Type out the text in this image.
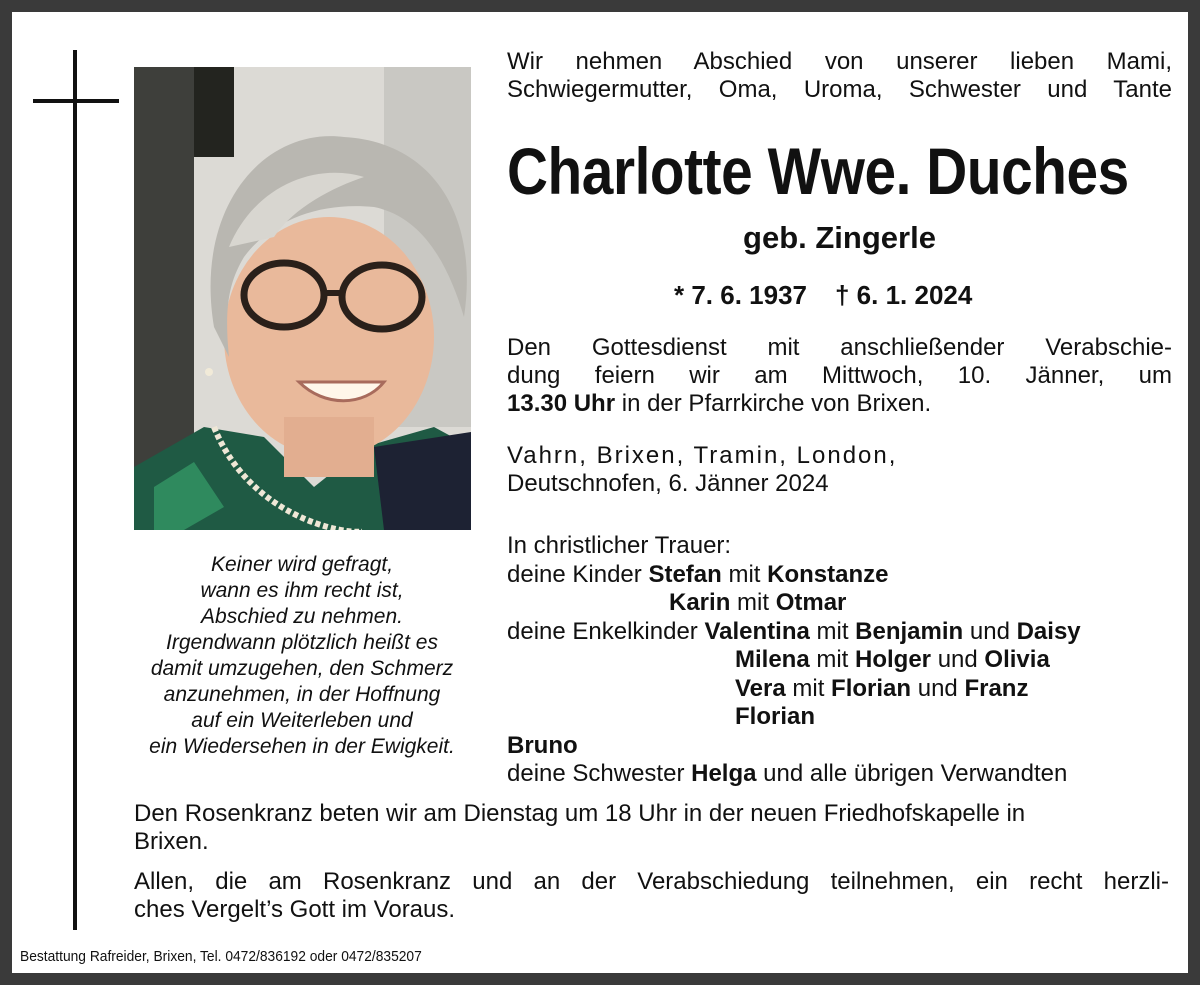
Keiner wird gefragt,
wann es ihm recht ist,
Abschied zu nehmen.
Irgendwann plötzlich heißt es
damit umzugehen, den Schmerz
anzunehmen, in der Hoffnung
auf ein Weiterleben und
ein Wiedersehen in der Ewigkeit.
Wir nehmen Abschied von unserer lieben Mami,
Schwiegermutter, Oma, Uroma, Schwester und Tante
Charlotte Wwe. Duches
geb. Zingerle
* 7. 6. 1937 † 6. 1. 2024
Den Gottesdienst mit anschließender Verabschie-
dung feiern wir am Mittwoch, 10. Jänner, um
13.30 Uhr in der Pfarrkirche von Brixen.
Vahrn, Brixen, Tramin, London,
Deutschnofen, 6. Jänner 2024
In christlicher Trauer:
deine Kinder Stefan mit Konstanze
Karin mit Otmar
deine Enkelkinder Valentina mit Benjamin und Daisy
Milena mit Holger und Olivia
Vera mit Florian und Franz
Florian
Bruno
deine Schwester Helga und alle übrigen Verwandten
Den Rosenkranz beten wir am Dienstag um 18 Uhr in der neuen Friedhofskapelle in
Brixen.
Allen, die am Rosenkranz und an der Verabschiedung teilnehmen, ein recht herzli-
ches Vergelt’s Gott im Voraus.
Bestattung Rafreider, Brixen, Tel. 0472/836192 oder 0472/835207
